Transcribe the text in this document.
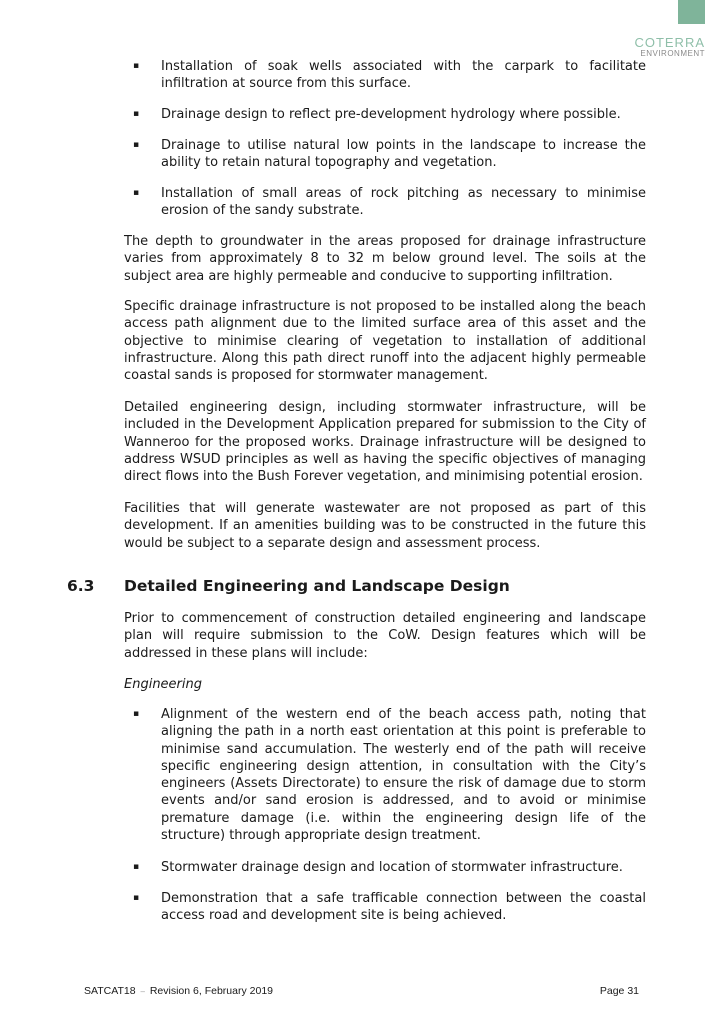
COTERRA
ENVIRONMENT
▪ Installation of soak wells associated with the carpark to facilitate infiltration at source from this surface.
▪ Drainage design to reflect pre-development hydrology where possible.
▪ Drainage to utilise natural low points in the landscape to increase the ability to retain natural topography and vegetation.
▪ Installation of small areas of rock pitching as necessary to minimise erosion of the sandy substrate.

The depth to groundwater in the areas proposed for drainage infrastructure varies from approximately 8 to 32 m below ground level. The soils at the subject area are highly permeable and conducive to supporting infiltration.

Specific drainage infrastructure is not proposed to be installed along the beach access path alignment due to the limited surface area of this asset and the objective to minimise clearing of vegetation to installation of additional infrastructure. Along this path direct runoff into the adjacent highly permeable coastal sands is proposed for stormwater management.

Detailed engineering design, including stormwater infrastructure, will be included in the Development Application prepared for submission to the City of Wanneroo for the proposed works. Drainage infrastructure will be designed to address WSUD principles as well as having the specific objectives of managing direct flows into the Bush Forever vegetation, and minimising potential erosion.

Facilities that will generate wastewater are not proposed as part of this development. If an amenities building was to be constructed in the future this would be subject to a separate design and assessment process.

6.3 Detailed Engineering and Landscape Design

Prior to commencement of construction detailed engineering and landscape plan will require submission to the CoW. Design features which will be addressed in these plans will include:

Engineering

▪ Alignment of the western end of the beach access path, noting that aligning the path in a north east orientation at this point is preferable to minimise sand accumulation. The westerly end of the path will receive specific engineering design attention, in consultation with the City’s engineers (Assets Directorate) to ensure the risk of damage due to storm events and/or sand erosion is addressed, and to avoid or minimise premature damage (i.e. within the engineering design life of the structure) through appropriate design treatment.
▪ Stormwater drainage design and location of stormwater infrastructure.
▪ Demonstration that a safe trafficable connection between the coastal access road and development site is being achieved.
SATCAT18 – Revision 6, February 2019	Page 31
